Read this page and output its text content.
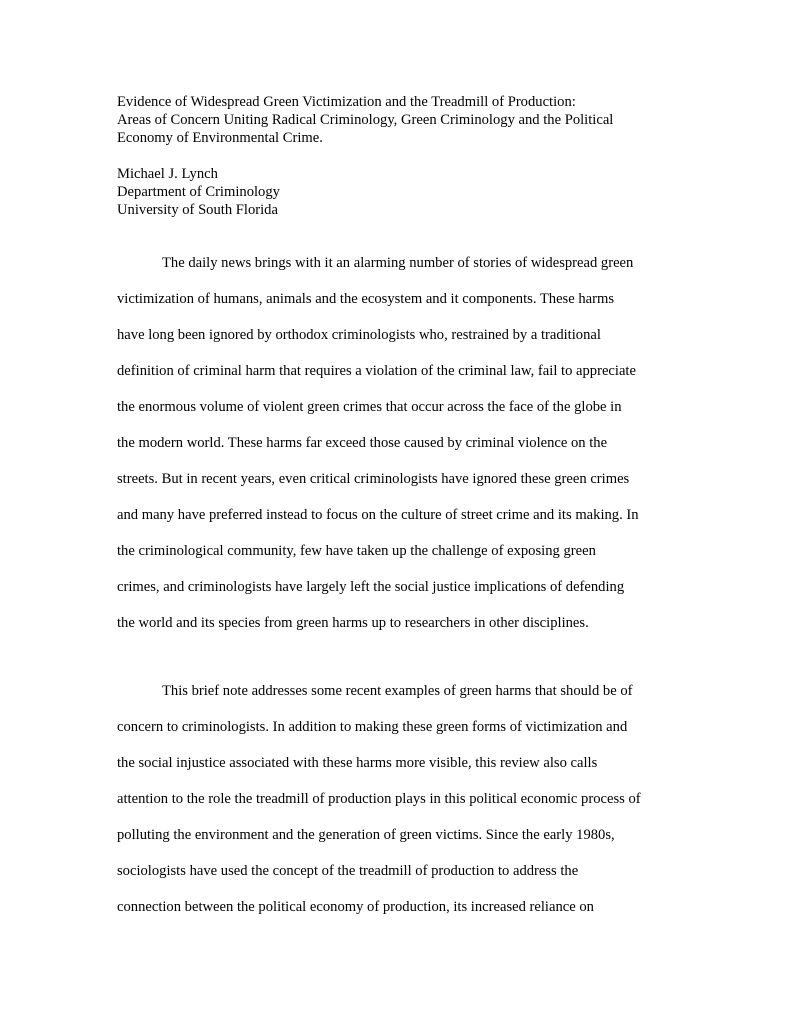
Evidence of Widespread Green Victimization and the Treadmill of Production:
Areas of Concern Uniting Radical Criminology, Green Criminology and the Political
Economy of Environmental Crime.
Michael J. Lynch
Department of Criminology
University of South Florida
The daily news brings with it an alarming number of stories of widespread green
victimization of humans, animals and the ecosystem and it components. These harms
have long been ignored by orthodox criminologists who, restrained by a traditional
definition of criminal harm that requires a violation of the criminal law, fail to appreciate
the enormous volume of violent green crimes that occur across the face of the globe in
the modern world. These harms far exceed those caused by criminal violence on the
streets. But in recent years, even critical criminologists have ignored these green crimes
and many have preferred instead to focus on the culture of street crime and its making. In
the criminological community, few have taken up the challenge of exposing green
crimes, and criminologists have largely left the social justice implications of defending
the world and its species from green harms up to researchers in other disciplines.
This brief note addresses some recent examples of green harms that should be of
concern to criminologists. In addition to making these green forms of victimization and
the social injustice associated with these harms more visible, this review also calls
attention to the role the treadmill of production plays in this political economic process of
polluting the environment and the generation of green victims. Since the early 1980s,
sociologists have used the concept of the treadmill of production to address the
connection between the political economy of production, its increased reliance on
